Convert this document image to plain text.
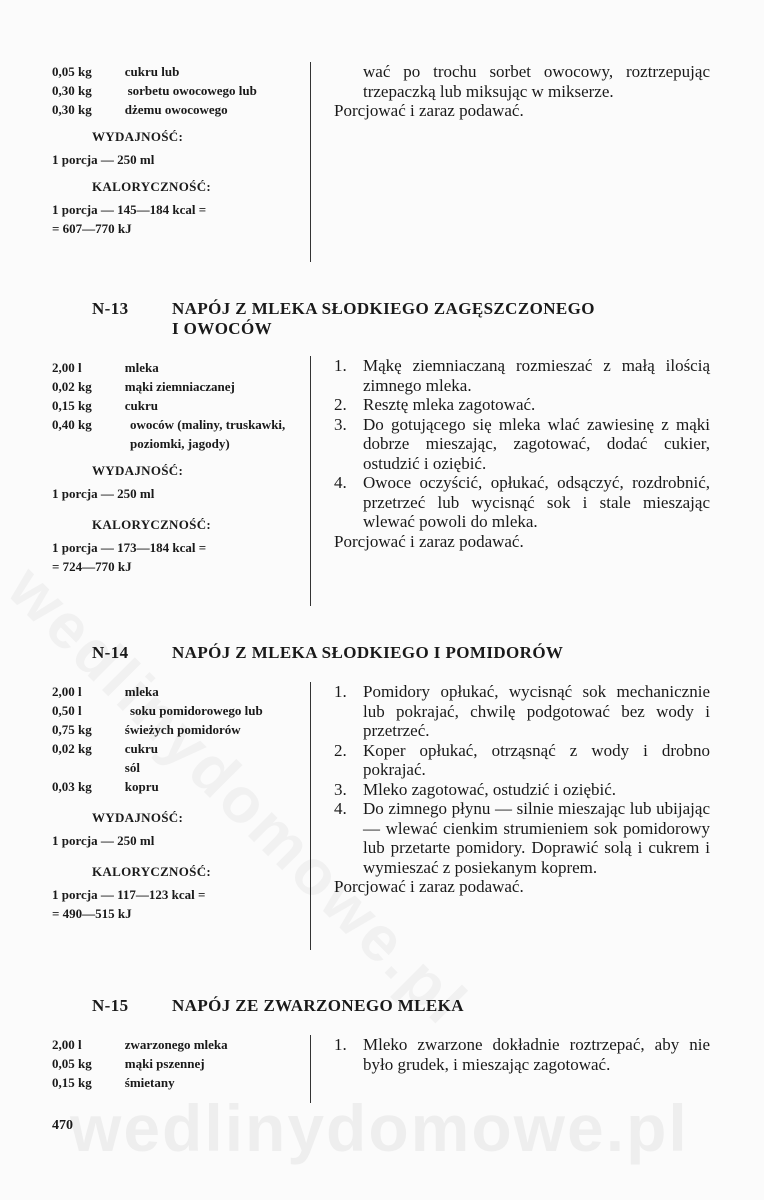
wedlinydomowe.pl
0,05 kg	cukru lub
0,30 kg	sorbetu owocowego lub
0,30 kg	dżemu owocowego
WYDAJNOŚĆ:
1 porcja — 250 ml
KALORYCZNOŚĆ:
1 porcja — 145—184 kcal =
= 607—770 kJ
wać po trochu sorbet owocowy, roztrzepując trzepaczką lub miksując w mikserze.
Porcjować i zaraz podawać.
N-13	NAPÓJ Z MLEKA SŁODKIEGO ZAGĘSZCZONEGO
I OWOCÓW
2,00 l	mleka
0,02 kg	mąki ziemniaczanej
0,15 kg	cukru
0,40 kg	owoców (maliny, truskawki, poziomki, jagody)
WYDAJNOŚĆ:
1 porcja — 250 ml
KALORYCZNOŚĆ:
1 porcja — 173—184 kcal =
= 724—770 kJ
1. Mąkę ziemniaczaną rozmieszać z małą ilością zimnego mleka.
2. Resztę mleka zagotować.
3. Do gotującego się mleka wlać zawiesinę z mąki dobrze mieszając, zagotować, dodać cukier, ostudzić i oziębić.
4. Owoce oczyścić, opłukać, odsączyć, rozdrobnić, przetrzeć lub wycisnąć sok i stale mieszając wlewać powoli do mleka.
Porcjować i zaraz podawać.
N-14	NAPÓJ Z MLEKA SŁODKIEGO I POMIDORÓW
2,00 l	mleka
0,50 l	soku pomidorowego lub
0,75 kg	świeżych pomidorów
0,02 kg	cukru
sól
0,03 kg	kopru
WYDAJNOŚĆ:
1 porcja — 250 ml
KALORYCZNOŚĆ:
1 porcja — 117—123 kcal =
= 490—515 kJ
1. Pomidory opłukać, wycisnąć sok mechanicznie lub pokrajać, chwilę podgotować bez wody i przetrzeć.
2. Koper opłukać, otrząsnąć z wody i drobno pokrajać.
3. Mleko zagotować, ostudzić i oziębić.
4. Do zimnego płynu — silnie mieszając lub ubijając — wlewać cienkim strumieniem sok pomidorowy lub przetarte pomidory. Doprawić solą i cukrem i wymieszać z posiekanym koprem.
Porcjować i zaraz podawać.
N-15	NAPÓJ ZE ZWARZONEGO MLEKA
2,00 l	zwarzonego mleka
0,05 kg	mąki pszennej
0,15 kg	śmietany
1. Mleko zwarzone dokładnie roztrzepać, aby nie było grudek, i mieszając zagotować.
470
